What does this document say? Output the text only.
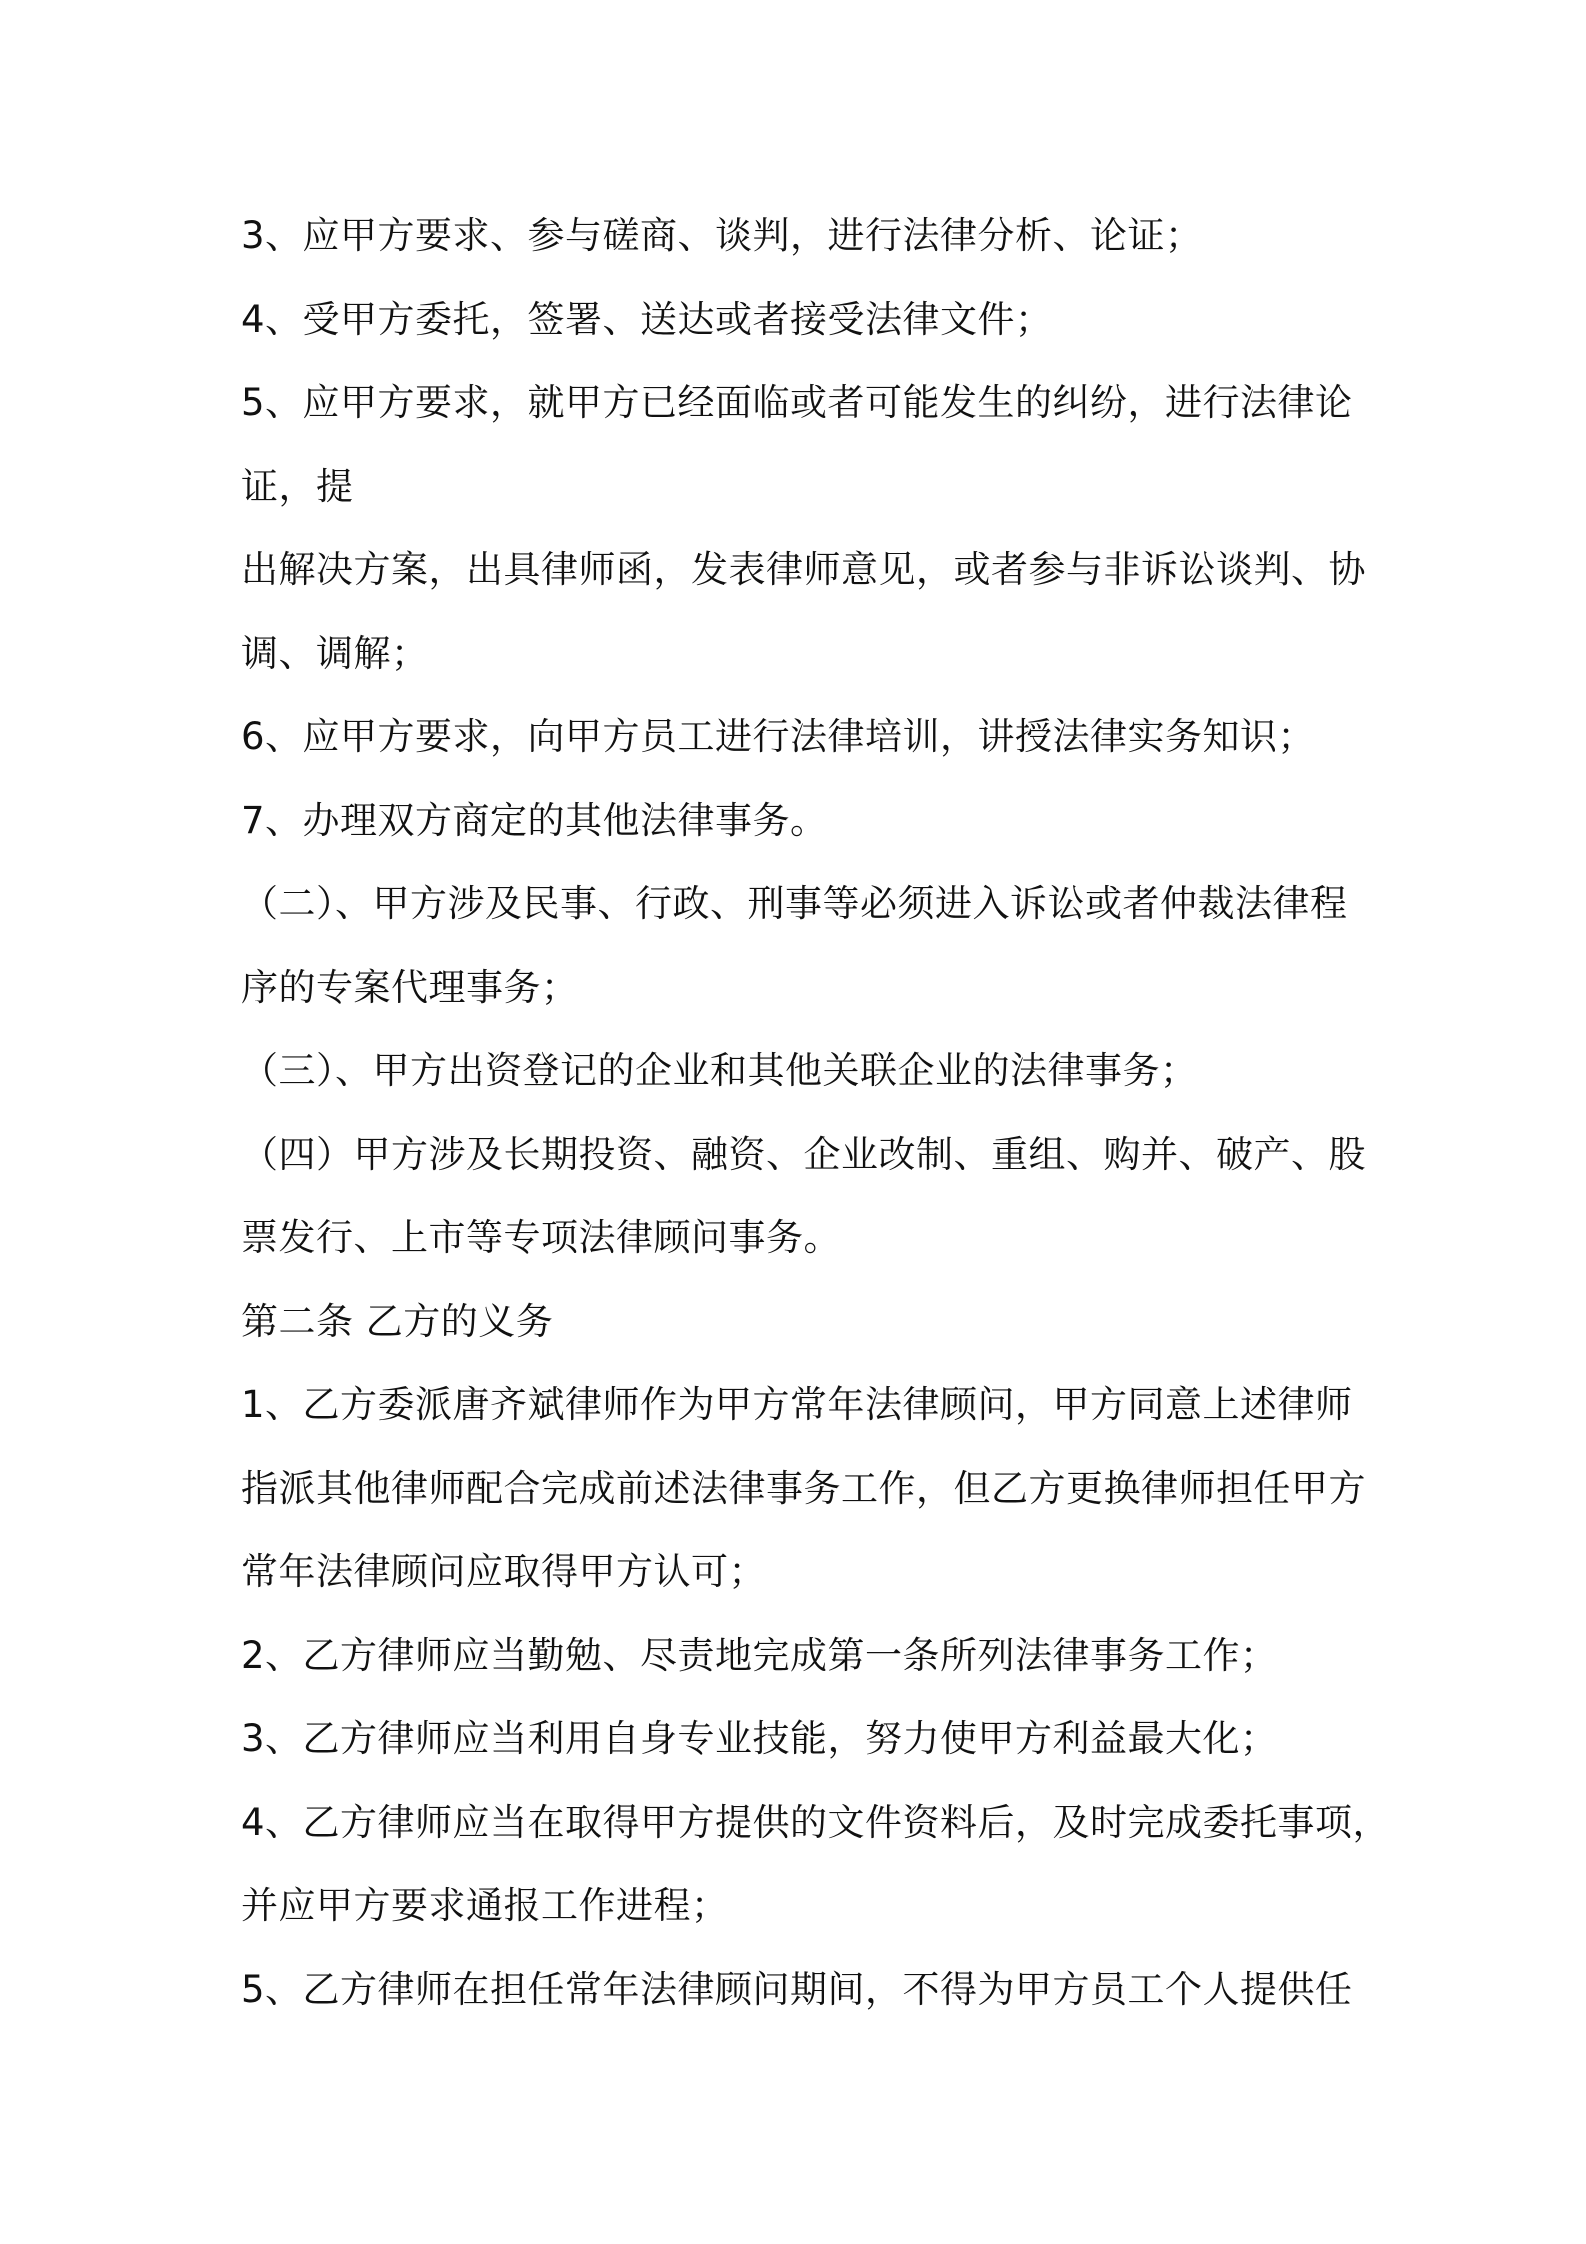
3、应甲方要求、参与磋商、谈判，进行法律分析、论证；
4、受甲方委托，签署、送达或者接受法律文件；
5、应甲方要求，就甲方已经面临或者可能发生的纠纷，进行法律论
证，提
出解决方案，出具律师函，发表律师意见，或者参与非诉讼谈判、协
调、调解；
6、应甲方要求，向甲方员工进行法律培训，讲授法律实务知识；
7、办理双方商定的其他法律事务。
（二）、甲方涉及民事、行政、刑事等必须进入诉讼或者仲裁法律程
序的专案代理事务；
（三）、甲方出资登记的企业和其他关联企业的法律事务；
（四）甲方涉及长期投资、融资、企业改制、重组、购并、破产、股
票发行、上市等专项法律顾问事务。
第二条 乙方的义务
1、乙方委派唐齐斌律师作为甲方常年法律顾问，甲方同意上述律师
指派其他律师配合完成前述法律事务工作，但乙方更换律师担任甲方
常年法律顾问应取得甲方认可；
2、乙方律师应当勤勉、尽责地完成第一条所列法律事务工作；
3、乙方律师应当利用自身专业技能，努力使甲方利益最大化；
4、乙方律师应当在取得甲方提供的文件资料后，及时完成委托事项，
并应甲方要求通报工作进程；
5、乙方律师在担任常年法律顾问期间，不得为甲方员工个人提供任
